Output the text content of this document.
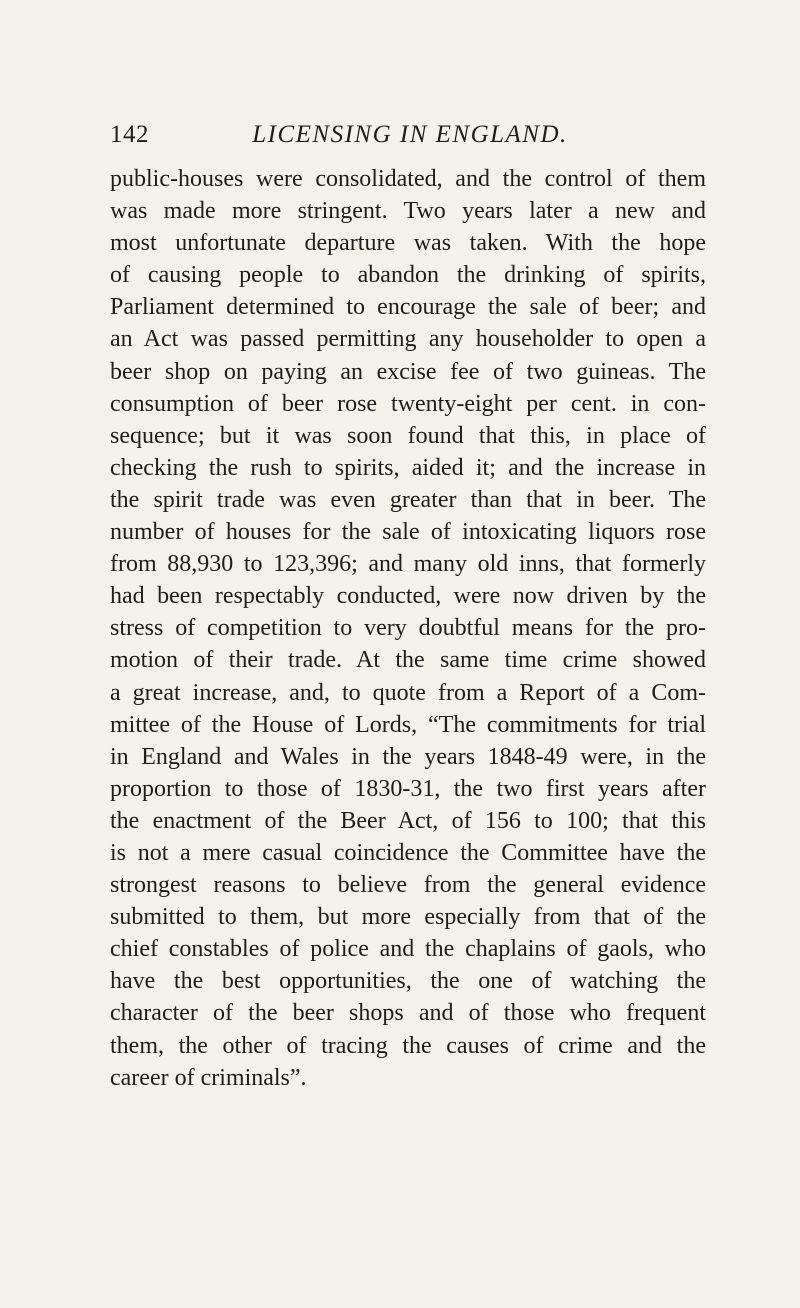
142	LICENSING IN ENGLAND.
public-houses were consolidated, and the control of them
was made more stringent. Two years later a new and
most unfortunate departure was taken. With the hope
of causing people to abandon the drinking of spirits,
Parliament determined to encourage the sale of beer; and
an Act was passed permitting any householder to open a
beer shop on paying an excise fee of two guineas. The
consumption of beer rose twenty-eight per cent. in con-
sequence; but it was soon found that this, in place of
checking the rush to spirits, aided it; and the increase in
the spirit trade was even greater than that in beer. The
number of houses for the sale of intoxicating liquors rose
from 88,930 to 123,396; and many old inns, that formerly
had been respectably conducted, were now driven by the
stress of competition to very doubtful means for the pro-
motion of their trade. At the same time crime showed
a great increase, and, to quote from a Report of a Com-
mittee of the House of Lords, “The commitments for trial
in England and Wales in the years 1848-49 were, in the
proportion to those of 1830-31, the two first years after
the enactment of the Beer Act, of 156 to 100; that this
is not a mere casual coincidence the Committee have the
strongest reasons to believe from the general evidence
submitted to them, but more especially from that of the
chief constables of police and the chaplains of gaols, who
have the best opportunities, the one of watching the
character of the beer shops and of those who frequent
them, the other of tracing the causes of crime and the
career of criminals”.
